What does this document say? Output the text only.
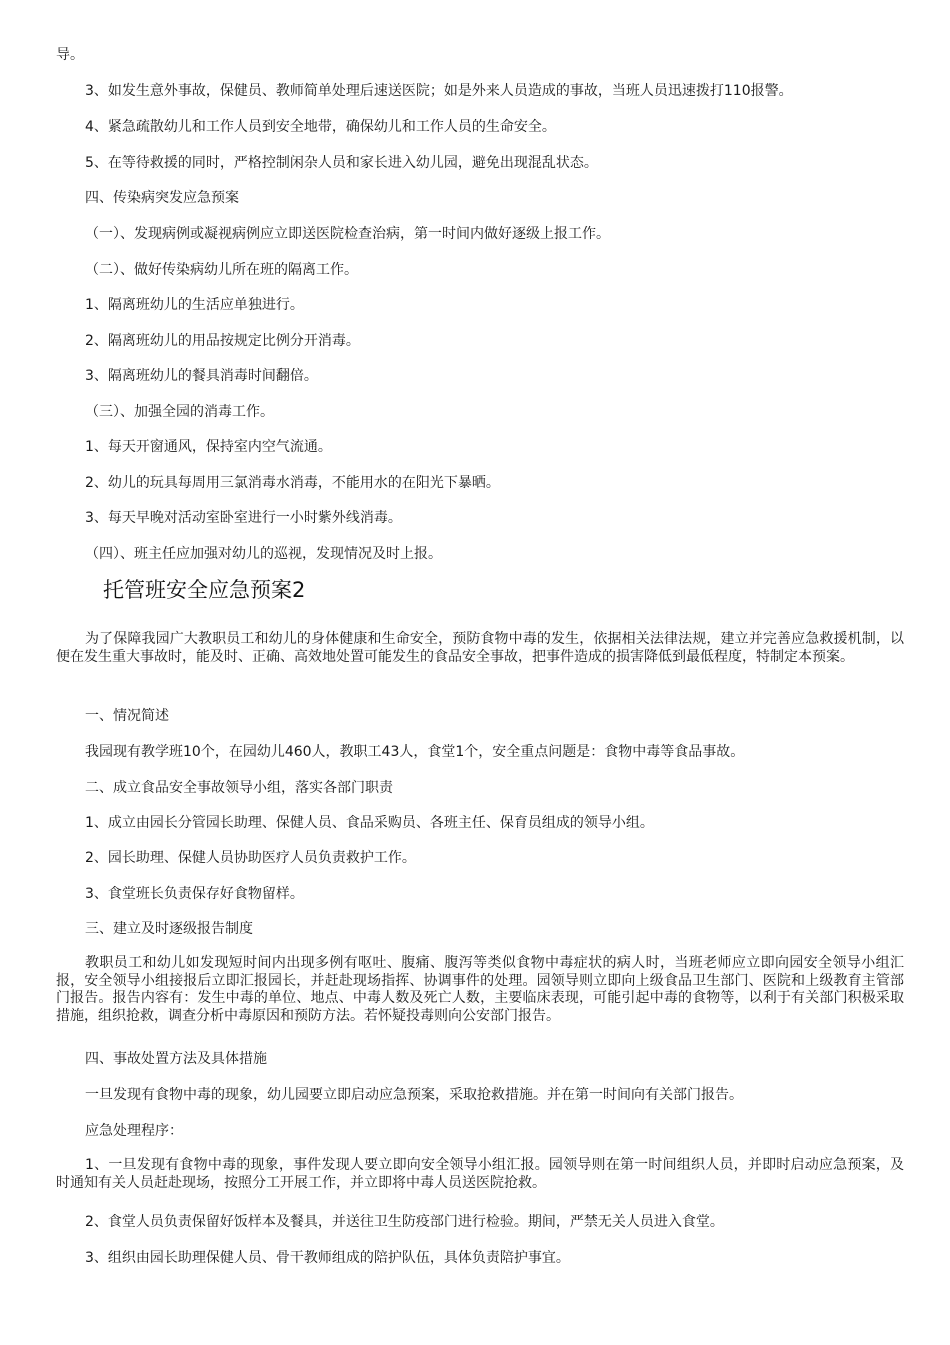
导。

3、如发生意外事故，保健员、教师简单处理后速送医院；如是外来人员造成的事故，当班人员迅速拨打110报警。

4、紧急疏散幼儿和工作人员到安全地带，确保幼儿和工作人员的生命安全。

5、在等待救援的同时，严格控制闲杂人员和家长进入幼儿园，避免出现混乱状态。

四、传染病突发应急预案

（一）、发现病例或凝视病例应立即送医院检查治病，第一时间内做好逐级上报工作。

（二）、做好传染病幼儿所在班的隔离工作。

1、隔离班幼儿的生活应单独进行。

2、隔离班幼儿的用品按规定比例分开消毒。

3、隔离班幼儿的餐具消毒时间翻倍。

（三）、加强全园的消毒工作。

1、每天开窗通风，保持室内空气流通。

2、幼儿的玩具每周用三氯消毒水消毒，不能用水的在阳光下暴晒。

3、每天早晚对活动室卧室进行一小时紫外线消毒。

（四）、班主任应加强对幼儿的巡视，发现情况及时上报。

托管班安全应急预案2

为了保障我园广大教职员工和幼儿的身体健康和生命安全，预防食物中毒的发生，依据相关法律法规，建立并完善应急救援机制，以便在发生重大事故时，能及时、正确、高效地处置可能发生的食品安全事故，把事件造成的损害降低到最低程度，特制定本预案。

一、情况简述

我园现有教学班10个，在园幼儿460人，教职工43人，食堂1个，安全重点问题是：食物中毒等食品事故。

二、成立食品安全事故领导小组，落实各部门职责

1、成立由园长分管园长助理、保健人员、食品采购员、各班主任、保育员组成的领导小组。

2、园长助理、保健人员协助医疗人员负责救护工作。

3、食堂班长负责保存好食物留样。

三、建立及时逐级报告制度

教职员工和幼儿如发现短时间内出现多例有呕吐、腹痛、腹泻等类似食物中毒症状的病人时，当班老师应立即向园安全领导小组汇报，安全领导小组接报后立即汇报园长，并赶赴现场指挥、协调事件的处理。园领导则立即向上级食品卫生部门、医院和上级教育主管部门报告。报告内容有：发生中毒的单位、地点、中毒人数及死亡人数，主要临床表现，可能引起中毒的食物等，以利于有关部门积极采取措施，组织抢救，调查分析中毒原因和预防方法。若怀疑投毒则向公安部门报告。

四、事故处置方法及具体措施

一旦发现有食物中毒的现象，幼儿园要立即启动应急预案，采取抢救措施。并在第一时间向有关部门报告。

应急处理程序：

1、一旦发现有食物中毒的现象，事件发现人要立即向安全领导小组汇报。园领导则在第一时间组织人员，并即时启动应急预案，及时通知有关人员赶赴现场，按照分工开展工作，并立即将中毒人员送医院抢救。

2、食堂人员负责保留好饭样本及餐具，并送往卫生防疫部门进行检验。期间，严禁无关人员进入食堂。

3、组织由园长助理保健人员、骨干教师组成的陪护队伍，具体负责陪护事宜。
